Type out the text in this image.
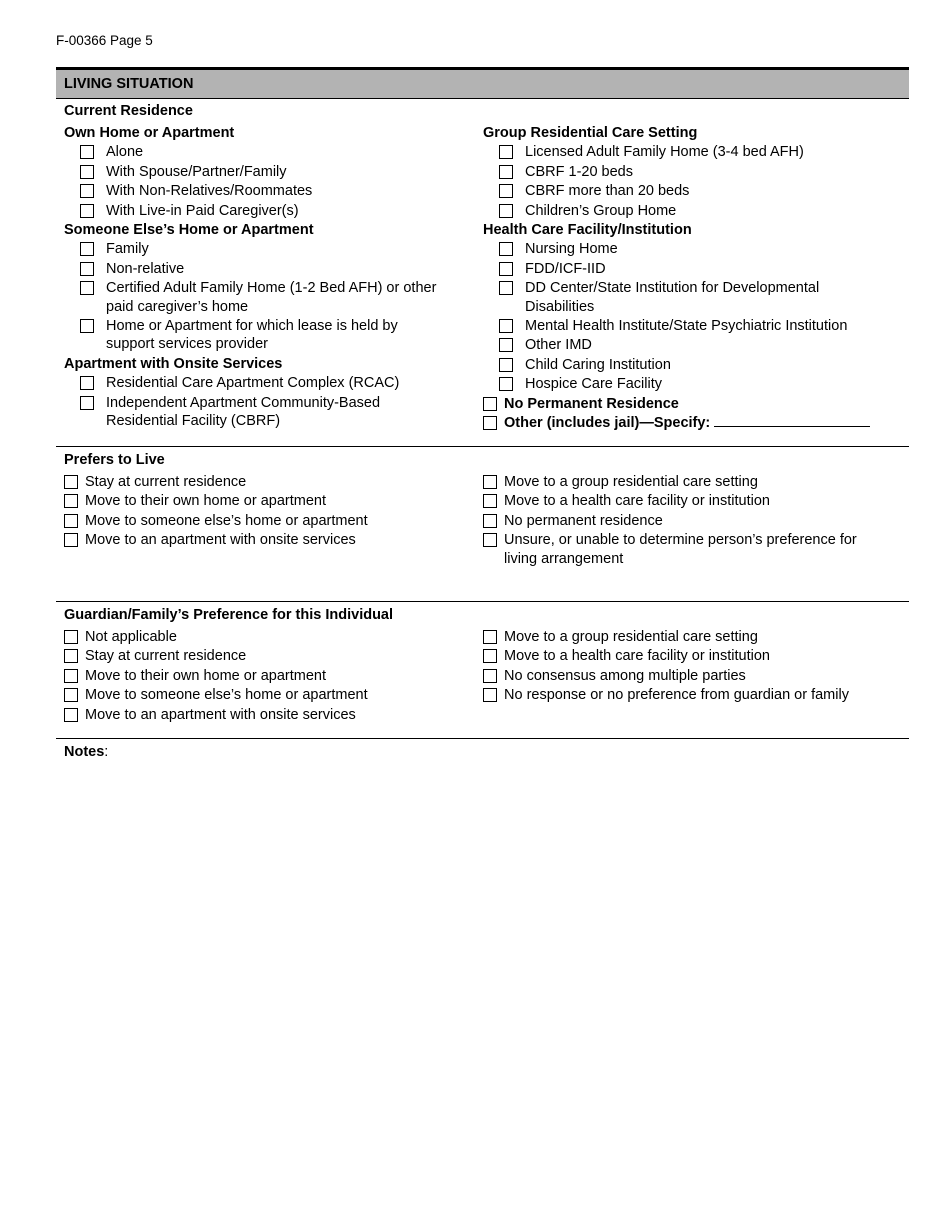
F-00366 Page 5
LIVING SITUATION
Current Residence
Own Home or Apartment
Alone
With Spouse/Partner/Family
With Non-Relatives/Roommates
With Live-in Paid Caregiver(s)
Someone Else’s Home or Apartment
Family
Non-relative
Certified Adult Family Home (1-2 Bed AFH) or other paid caregiver’s home
Home or Apartment for which lease is held by support services provider
Apartment with Onsite Services
Residential Care Apartment Complex (RCAC)
Independent Apartment Community-Based Residential Facility (CBRF)
Group Residential Care Setting
Licensed Adult Family Home (3-4 bed AFH)
CBRF 1-20 beds
CBRF more than 20 beds
Children’s Group Home
Health Care Facility/Institution
Nursing Home
FDD/ICF-IID
DD Center/State Institution for Developmental Disabilities
Mental Health Institute/State Psychiatric Institution
Other IMD
Child Caring Institution
Hospice Care Facility
No Permanent Residence
Other (includes jail)—Specify:
Prefers to Live
Stay at current residence
Move to their own home or apartment
Move to someone else’s home or apartment
Move to an apartment with onsite services
Move to a group residential care setting
Move to a health care facility or institution
No permanent residence
Unsure, or unable to determine person’s preference for living arrangement
Guardian/Family’s Preference for this Individual
Not applicable
Stay at current residence
Move to their own home or apartment
Move to someone else’s home or apartment
Move to an apartment with onsite services
Move to a group residential care setting
Move to a health care facility or institution
No consensus among multiple parties
No response or no preference from guardian or family
Notes:
